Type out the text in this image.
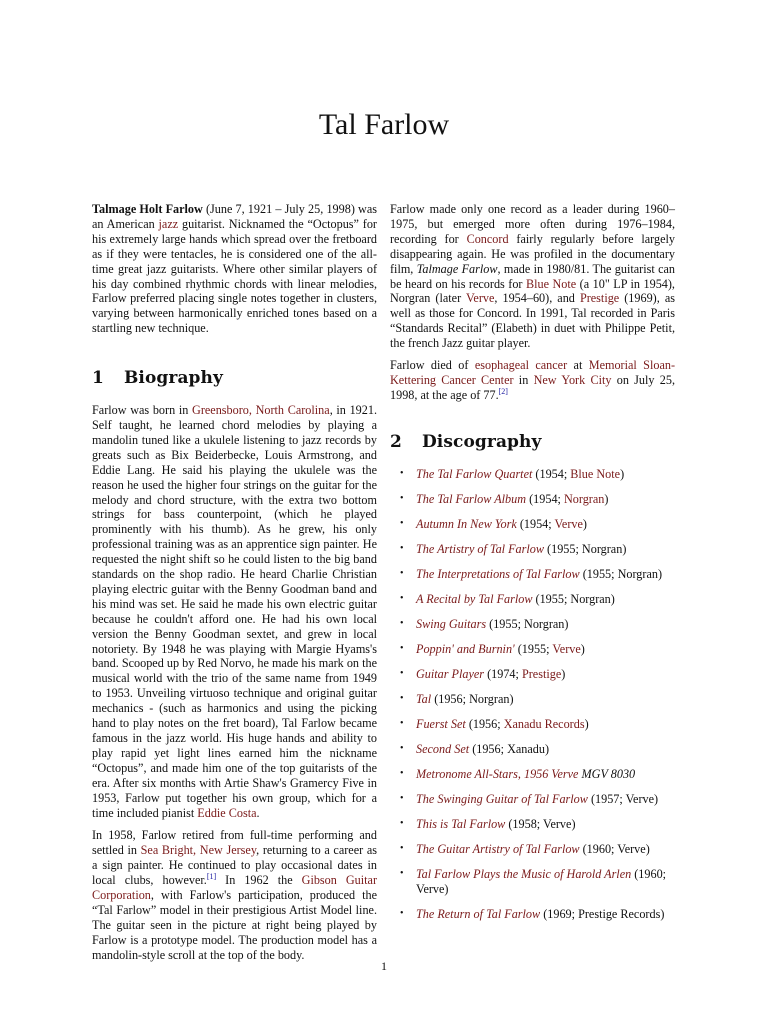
Tal Farlow

Talmage Holt Farlow (June 7, 1921 – July 25, 1998) was an American jazz guitarist. Nicknamed the “Octopus” for his extremely large hands which spread over the fretboard as if they were tentacles, he is considered one of the all-time great jazz guitarists. Where other similar players of his day combined rhythmic chords with linear melodies, Farlow preferred placing single notes together in clusters, varying between harmonically enriched tones based on a startling new technique.

1 Biography

Farlow was born in Greensboro, North Carolina, in 1921. Self taught, he learned chord melodies by playing a mandolin tuned like a ukulele listening to jazz records by greats such as Bix Beiderbecke, Louis Armstrong, and Eddie Lang. He said his playing the ukulele was the reason he used the higher four strings on the guitar for the melody and chord structure, with the extra two bottom strings for bass counterpoint, (which he played prominently with his thumb). As he grew, his only professional training was as an apprentice sign painter. He requested the night shift so he could listen to the big band standards on the shop radio. He heard Charlie Christian playing electric guitar with the Benny Goodman band and his mind was set. He said he made his own electric guitar because he couldn't afford one. He had his own local version the Benny Goodman sextet, and grew in local notoriety. By 1948 he was playing with Margie Hyams's band. Scooped up by Red Norvo, he made his mark on the musical world with the trio of the same name from 1949 to 1953. Unveiling virtuoso technique and original guitar mechanics - (such as harmonics and using the picking hand to play notes on the fret board), Tal Farlow became famous in the jazz world. His huge hands and ability to play rapid yet light lines earned him the nickname “Octopus”, and made him one of the top guitarists of the era. After six months with Artie Shaw's Gramercy Five in 1953, Farlow put together his own group, which for a time included pianist Eddie Costa.

In 1958, Farlow retired from full-time performing and settled in Sea Bright, New Jersey, returning to a career as a sign painter. He continued to play occasional dates in local clubs, however.[1] In 1962 the Gibson Guitar Corporation, with Farlow's participation, produced the “Tal Farlow” model in their prestigious Artist Model line. The guitar seen in the picture at right being played by Farlow is a prototype model. The production model has a mandolin-style scroll at the top of the body.

Farlow made only one record as a leader during 1960–1975, but emerged more often during 1976–1984, recording for Concord fairly regularly before largely disappearing again. He was profiled in the documentary film, Talmage Farlow, made in 1980/81. The guitarist can be heard on his records for Blue Note (a 10" LP in 1954), Norgran (later Verve, 1954–60), and Prestige (1969), as well as those for Concord. In 1991, Tal recorded in Paris “Standards Recital” (Elabeth) in duet with Philippe Petit, the french Jazz guitar player.

Farlow died of esophageal cancer at Memorial Sloan-Kettering Cancer Center in New York City on July 25, 1998, at the age of 77.[2]

2 Discography
• The Tal Farlow Quartet (1954; Blue Note)
• The Tal Farlow Album (1954; Norgran)
• Autumn In New York (1954; Verve)
• The Artistry of Tal Farlow (1955; Norgran)
• The Interpretations of Tal Farlow (1955; Norgran)
• A Recital by Tal Farlow (1955; Norgran)
• Swing Guitars (1955; Norgran)
• Poppin' and Burnin' (1955; Verve)
• Guitar Player (1974; Prestige)
• Tal (1956; Norgran)
• Fuerst Set (1956; Xanadu Records)
• Second Set (1956; Xanadu)
• Metronome All-Stars, 1956 Verve MGV 8030
• The Swinging Guitar of Tal Farlow (1957; Verve)
• This is Tal Farlow (1958; Verve)
• The Guitar Artistry of Tal Farlow (1960; Verve)
• Tal Farlow Plays the Music of Harold Arlen (1960; Verve)
• The Return of Tal Farlow (1969; Prestige Records)
1
